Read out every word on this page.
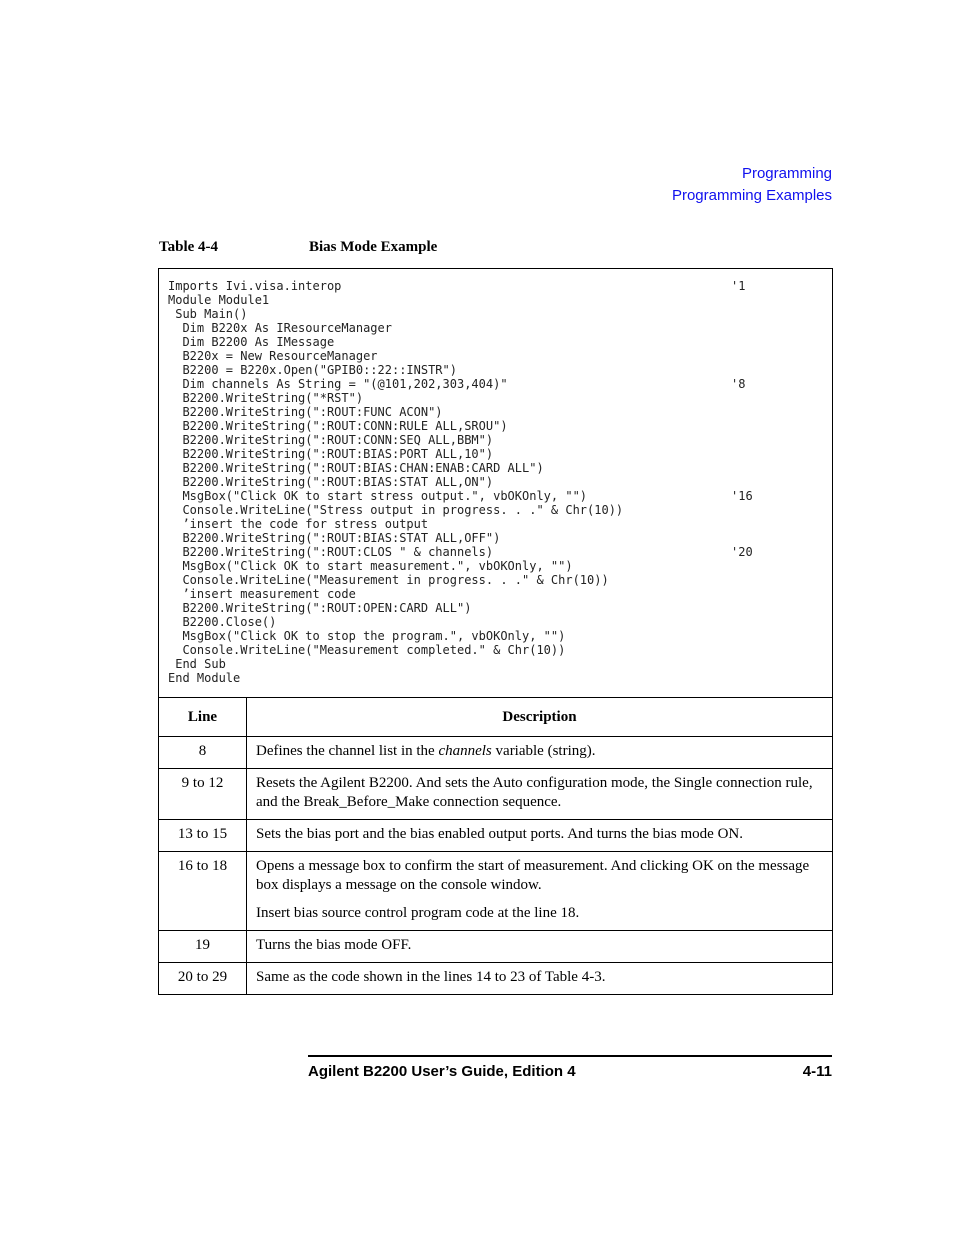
Programming
Programming Examples
Table 4-4	Bias Mode Example
Imports Ivi.visa.interop	'1
Module Module1
Sub Main()
Dim B220x As IResourceManager
Dim B2200 As IMessage
B220x = New ResourceManager
B2200 = B220x.Open("GPIB0::22::INSTR")
Dim channels As String = "(@101,202,303,404)"	'8
B2200.WriteString("*RST")
B2200.WriteString(":ROUT:FUNC ACON")
B2200.WriteString(":ROUT:CONN:RULE ALL,SROU")
B2200.WriteString(":ROUT:CONN:SEQ ALL,BBM")
B2200.WriteString(":ROUT:BIAS:PORT ALL,10")
B2200.WriteString(":ROUT:BIAS:CHAN:ENAB:CARD ALL")
B2200.WriteString(":ROUT:BIAS:STAT ALL,ON")
MsgBox("Click OK to start stress output.", vbOKOnly, "")	'16
Console.WriteLine("Stress output in progress. . ." & Chr(10))
’insert the code for stress output
B2200.WriteString(":ROUT:BIAS:STAT ALL,OFF")
B2200.WriteString(":ROUT:CLOS " & channels)	'20
MsgBox("Click OK to start measurement.", vbOKOnly, "")
Console.WriteLine("Measurement in progress. . ." & Chr(10))
’insert measurement code
B2200.WriteString(":ROUT:OPEN:CARD ALL")
B2200.Close()
MsgBox("Click OK to stop the program.", vbOKOnly, "")
Console.WriteLine("Measurement completed." & Chr(10))
End Sub
End Module
Line	Description
8	Defines the channel list in the channels variable (string).

9 to 12	Resets the Agilent B2200. And sets the Auto configuration mode, the Single connection rule, and the Break_Before_Make connection sequence.

13 to 15	Sets the bias port and the bias enabled output ports. And turns the bias mode ON.

16 to 18	Opens a message box to confirm the start of measurement. And clicking OK on the message box displays a message on the console window.
Insert bias source control program code at the line 18.

19	Turns the bias mode OFF.

20 to 29	Same as the code shown in the lines 14 to 23 of Table 4-3.
Agilent B2200 User’s Guide, Edition 4	4-11
